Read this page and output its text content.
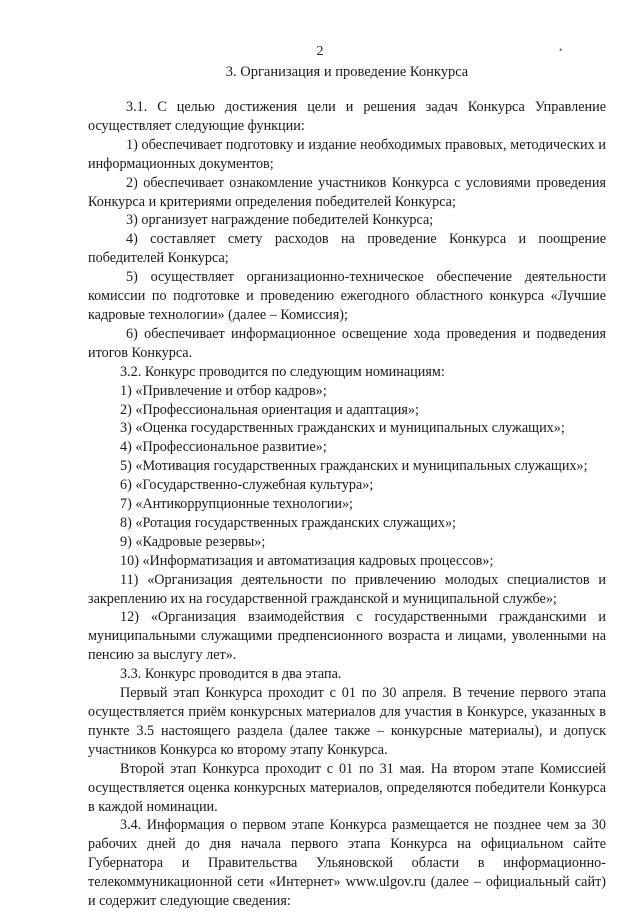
2	•
3. Организация и проведение Конкурса

3.1. С целью достижения цели и решения задач Конкурса Управление осуществляет следующие функции:

1) обеспечивает подготовку и издание необходимых правовых, методических и информационных документов;

2) обеспечивает ознакомление участников Конкурса с условиями проведения Конкурса и критериями определения победителей Конкурса;

3) организует награждение победителей Конкурса;

4) составляет смету расходов на проведение Конкурса и поощрение победителей Конкурса;

5) осуществляет организационно-техническое обеспечение деятельности комиссии по подготовке и проведению ежегодного областного конкурса «Лучшие кадровые технологии» (далее – Комиссия);

6) обеспечивает информационное освещение хода проведения и подведения итогов Конкурса.

3.2. Конкурс проводится по следующим номинациям:

1) «Привлечение и отбор кадров»;

2) «Профессиональная ориентация и адаптация»;

3) «Оценка государственных гражданских и муниципальных служащих»;

4) «Профессиональное развитие»;

5) «Мотивация государственных гражданских и муниципальных служащих»;

6) «Государственно-служебная культура»;

7) «Антикоррупционные технологии»;

8) «Ротация государственных гражданских служащих»;

9) «Кадровые резервы»;

10) «Информатизация и автоматизация кадровых процессов»;

11) «Организация деятельности по привлечению молодых специалистов и закреплению их на государственной гражданской и муниципальной службе»;

12) «Организация взаимодействия с государственными гражданскими и муниципальными служащими предпенсионного возраста и лицами, уволенными на пенсию за выслугу лет».

3.3. Конкурс проводится в два этапа.

Первый этап Конкурса проходит с 01 по 30 апреля. В течение первого этапа осуществляется приём конкурсных материалов для участия в Конкурсе, указанных в пункте 3.5 настоящего раздела (далее также – конкурсные материалы), и допуск участников Конкурса ко второму этапу Конкурса.

Второй этап Конкурса проходит с 01 по 31 мая. На втором этапе Комиссией осуществляется оценка конкурсных материалов, определяются победители Конкурса в каждой номинации.

3.4. Информация о первом этапе Конкурса размещается не позднее чем за 30 рабочих дней до дня начала первого этапа Конкурса на официальном сайте Губернатора и Правительства Ульяновской области в информационно-телекоммуникационной сети «Интернет» www.ulgov.ru (далее – официальный сайт) и содержит следующие сведения:
